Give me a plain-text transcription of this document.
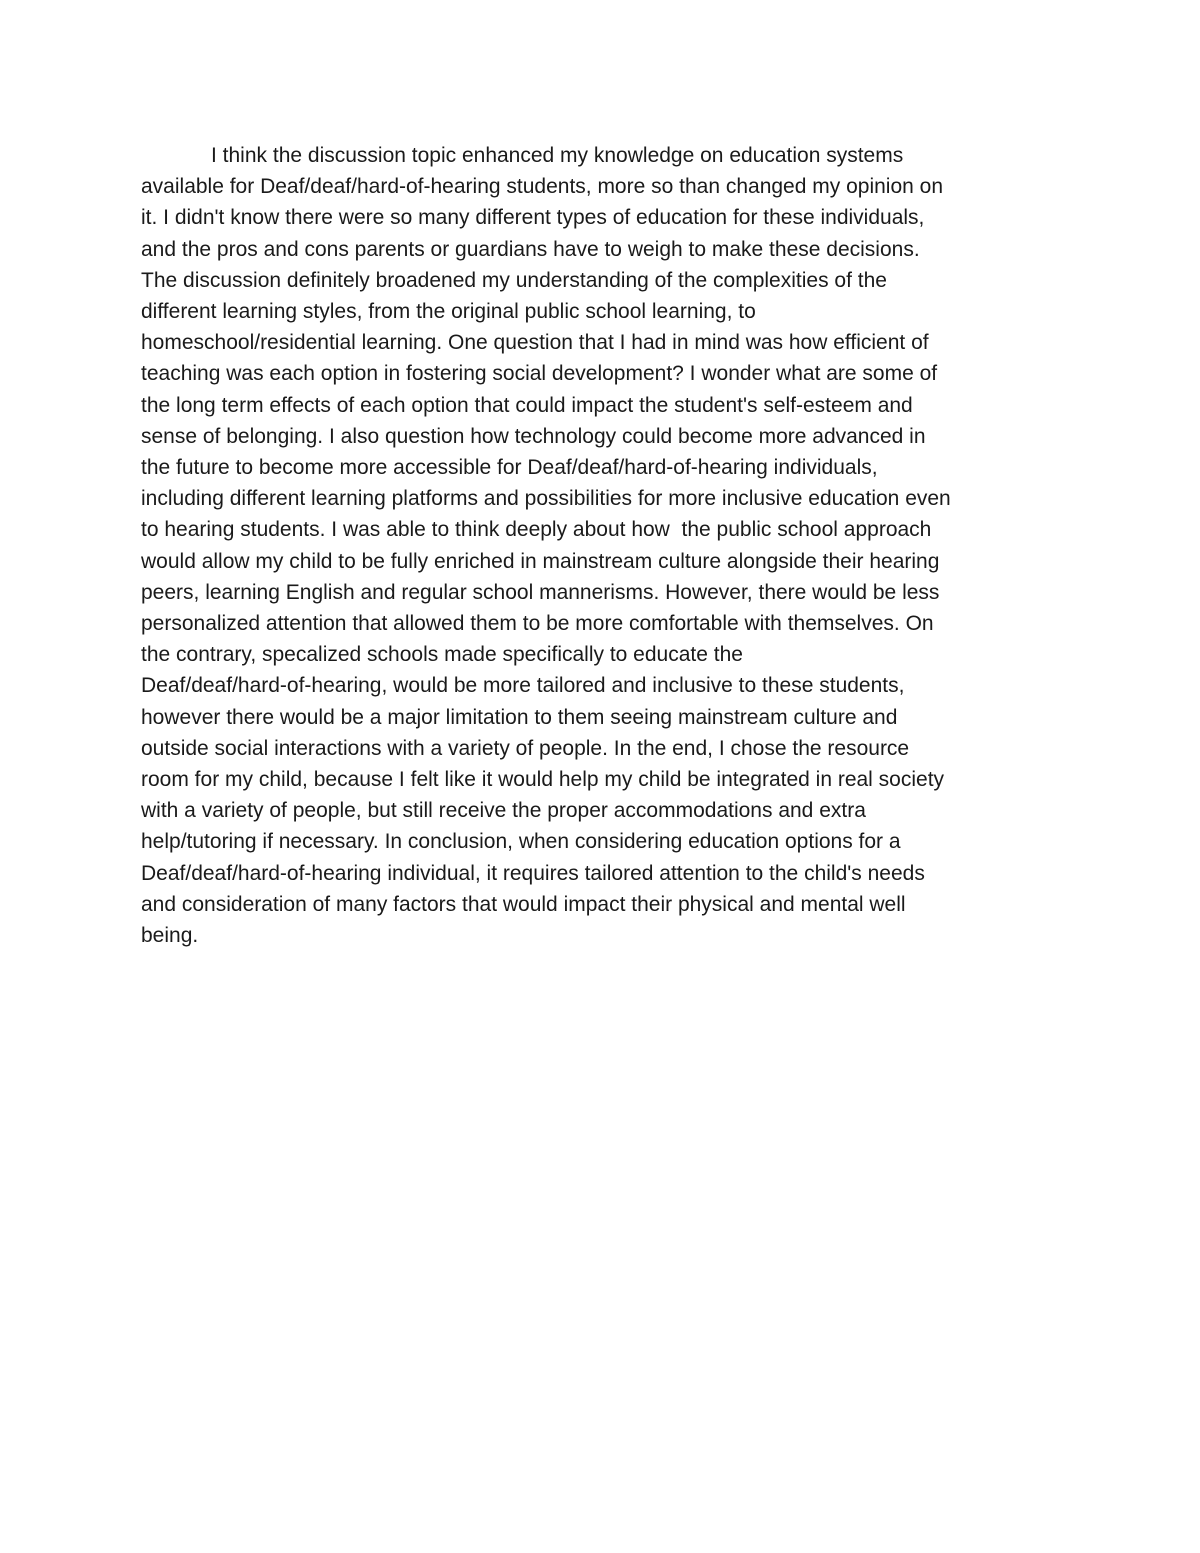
I think the discussion topic enhanced my knowledge on education systems
available for Deaf/deaf/hard-of-hearing students, more so than changed my opinion on
it. I didn't know there were so many different types of education for these individuals,
and the pros and cons parents or guardians have to weigh to make these decisions.
The discussion definitely broadened my understanding of the complexities of the
different learning styles, from the original public school learning, to
homeschool/residential learning. One question that I had in mind was how efficient of
teaching was each option in fostering social development? I wonder what are some of
the long term effects of each option that could impact the student's self-esteem and
sense of belonging. I also question how technology could become more advanced in
the future to become more accessible for Deaf/deaf/hard-of-hearing individuals,
including different learning platforms and possibilities for more inclusive education even
to hearing students. I was able to think deeply about how  the public school approach
would allow my child to be fully enriched in mainstream culture alongside their hearing
peers, learning English and regular school mannerisms. However, there would be less
personalized attention that allowed them to be more comfortable with themselves. On
the contrary, specalized schools made specifically to educate the
Deaf/deaf/hard-of-hearing, would be more tailored and inclusive to these students,
however there would be a major limitation to them seeing mainstream culture and
outside social interactions with a variety of people. In the end, I chose the resource
room for my child, because I felt like it would help my child be integrated in real society
with a variety of people, but still receive the proper accommodations and extra
help/tutoring if necessary. In conclusion, when considering education options for a
Deaf/deaf/hard-of-hearing individual, it requires tailored attention to the child's needs
and consideration of many factors that would impact their physical and mental well
being.
